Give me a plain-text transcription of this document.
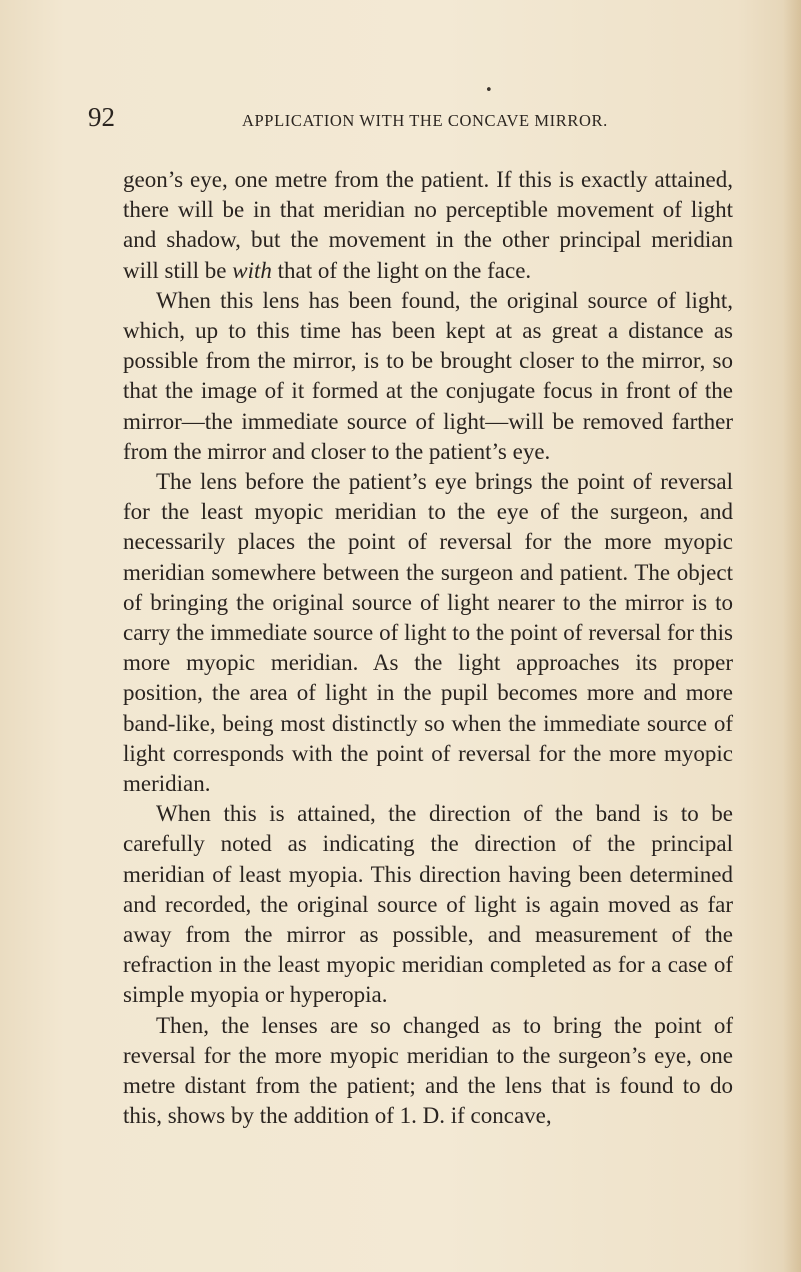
•
92	APPLICATION WITH THE CONCAVE MIRROR.

geon’s eye, one metre from the patient. If this is exactly attained, there will be in that meridian no perceptible movement of light and shadow, but the movement in the other principal meridian will still be with that of the light on the face.

When this lens has been found, the original source of light, which, up to this time has been kept at as great a distance as possible from the mirror, is to be brought closer to the mirror, so that the image of it formed at the conjugate focus in front of the mirror—the immediate source of light—will be removed farther from the mirror and closer to the patient’s eye.

The lens before the patient’s eye brings the point of reversal for the least myopic meridian to the eye of the surgeon, and necessarily places the point of reversal for the more myopic meridian somewhere between the surgeon and patient. The object of bringing the original source of light nearer to the mirror is to carry the immediate source of light to the point of reversal for this more myopic meridian. As the light approaches its proper position, the area of light in the pupil becomes more and more band-like, being most distinctly so when the immediate source of light corresponds with the point of reversal for the more myopic meridian.

When this is attained, the direction of the band is to be carefully noted as indicating the direction of the principal meridian of least myopia. This direction having been determined and recorded, the original source of light is again moved as far away from the mirror as possible, and measurement of the refraction in the least myopic meridian completed as for a case of simple myopia or hyperopia.

Then, the lenses are so changed as to bring the point of reversal for the more myopic meridian to the surgeon’s eye, one metre distant from the patient; and the lens that is found to do this, shows by the addition of 1. D. if concave,
